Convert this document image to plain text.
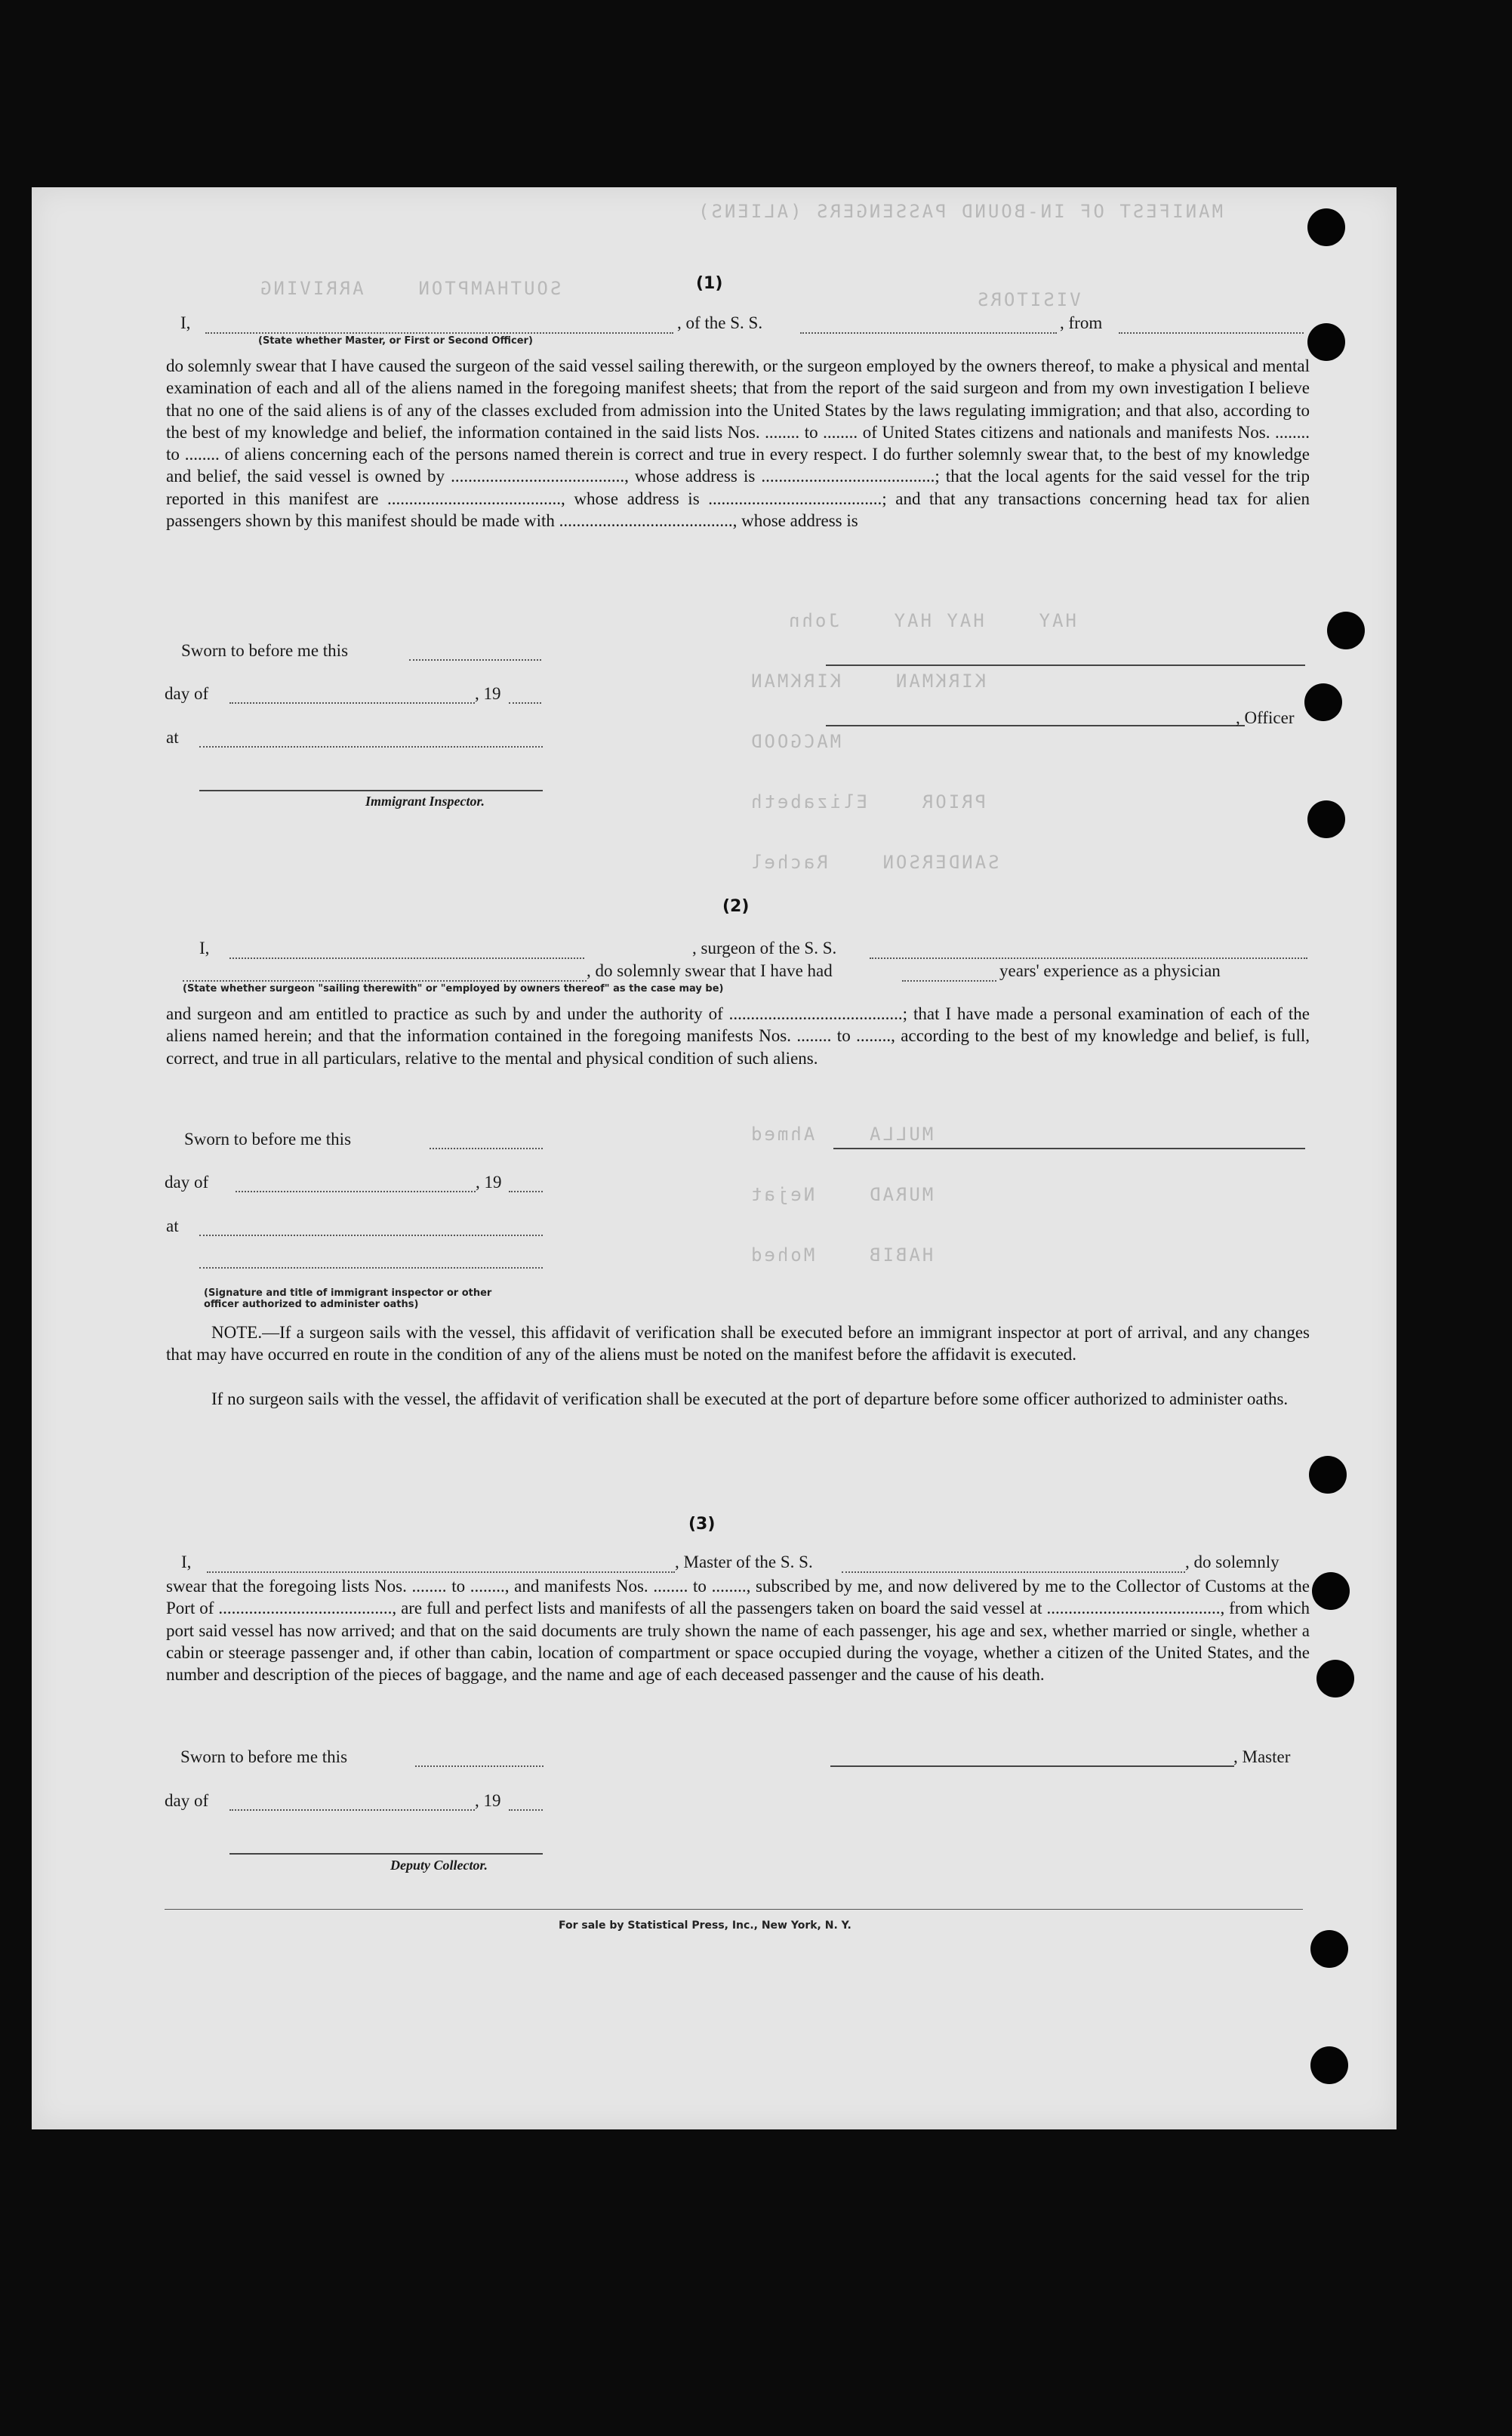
MANIFEST OF IN-BOUND PASSENGERS (ALIENS)
SOUTHAMPTON    ARRIVING
VISITORS
HAY    HAY HAY    John
KIRKMAN    KIRKMAN
MACGOOD
PRIOR    Elizabeth
SANDERSON    Rachel
MULLA    Ahmed
MURAD    Nejat
HABIB    Mohed
(1)
I,
(State whether Master, or First or Second Officer)
, of the S. S.	, from
do solemnly swear that I have caused the surgeon of the said vessel sailing therewith, or the surgeon employed by the owners thereof, to make a physical and mental examination of each and all of the aliens named in the foregoing manifest sheets; that from the report of the said surgeon and from my own investigation I believe that no one of the said aliens is of any of the classes excluded from admission into the United States by the laws regulating immigration; and that also, according to the best of my knowledge and belief, the information contained in the said lists Nos. ........ to ........ of United States citizens and nationals and manifests Nos. ........ to ........ of aliens concerning each of the persons named therein is correct and true in every respect. I do further solemnly swear that, to the best of my knowledge and belief, the said vessel is owned by ........................................, whose address is ........................................; that the local agents for the said vessel for the trip reported in this manifest are ........................................, whose address is ........................................; and that any transactions concerning head tax for alien passengers shown by this manifest should be made with ........................................, whose address is
Sworn to before me this
day of	, 19
at
Immigrant Inspector.
, Officer
(2)
I,	, surgeon of the S. S.
, do solemnly swear that I have had	years' experience as a physician
(State whether surgeon "sailing therewith" or "employed by owners thereof" as the case may be)
and surgeon and am entitled to practice as such by and under the authority of ........................................; that I have made a personal examination of each of the aliens named herein; and that the information contained in the foregoing manifests Nos. ........ to ........, according to the best of my knowledge and belief, is full, correct, and true in all particulars, relative to the mental and physical condition of such aliens.
Sworn to before me this
day of	, 19
at
(Signature and title of immigrant inspector or other officer authorized to administer oaths)
NOTE.—If a surgeon sails with the vessel, this affidavit of verification shall be executed before an immigrant inspector at port of arrival, and any changes that may have occurred en route in the condition of any of the aliens must be noted on the manifest before the affidavit is executed.
If no surgeon sails with the vessel, the affidavit of verification shall be executed at the port of departure before some officer authorized to administer oaths.
(3)
I,	, Master of the S. S.	, do solemnly
swear that the foregoing lists Nos. ........ to ........, and manifests Nos. ........ to ........, subscribed by me, and now delivered by me to the Collector of Customs at the Port of ........................................, are full and perfect lists and manifests of all the passengers taken on board the said vessel at ........................................, from which port said vessel has now arrived; and that on the said documents are truly shown the name of each passenger, his age and sex, whether married or single, whether a cabin or steerage passenger and, if other than cabin, location of compartment or space occupied during the voyage, whether a citizen of the United States, and the number and description of the pieces of baggage, and the name and age of each deceased passenger and the cause of his death.
Sworn to before me this	, Master
day of	, 19
Deputy Collector.
For sale by Statistical Press, Inc., New York, N. Y.
